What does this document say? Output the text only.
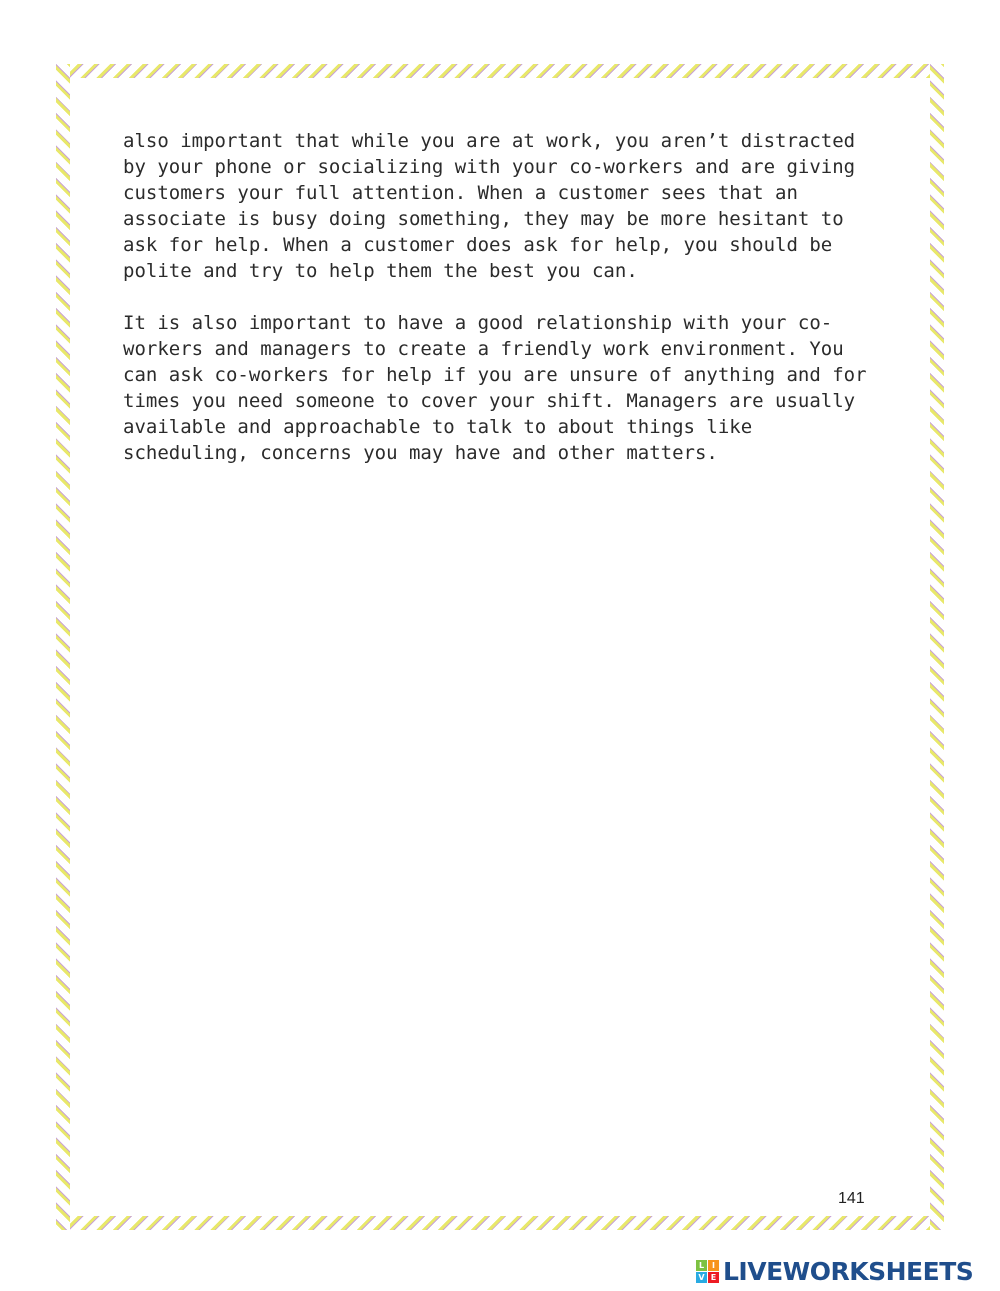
also important that while you are at work, you aren’t distracted
by your phone or socializing with your co-workers and are giving
customers your full attention. When a customer sees that an
associate is busy doing something, they may be more hesitant to
ask for help. When a customer does ask for help, you should be
polite and try to help them the best you can.

It is also important to have a good relationship with your co-
workers and managers to create a friendly work environment. You
can ask co-workers for help if you are unsure of anything and for
times you need someone to cover your shift. Managers are usually
available and approachable to talk to about things like
scheduling, concerns you may have and other matters.

141
L I
V E LIVEWORKSHEETS
